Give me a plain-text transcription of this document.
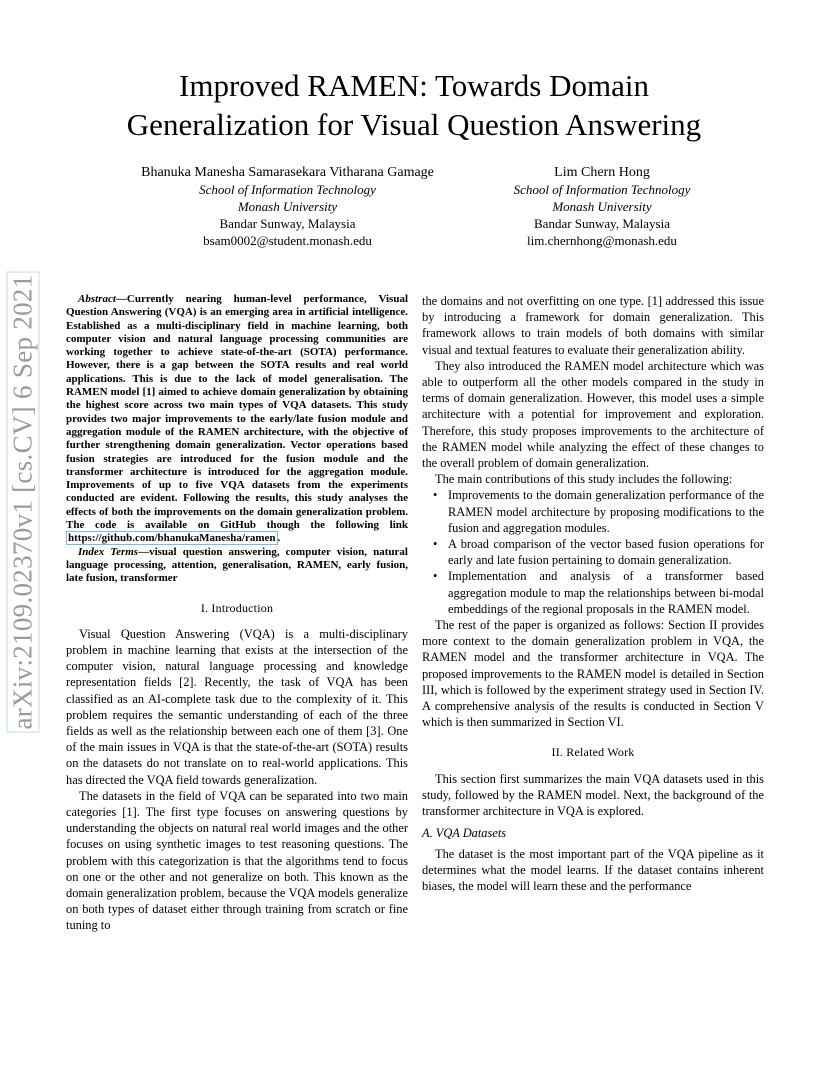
Improved RAMEN: Towards Domain
Generalization for Visual Question Answering
arXiv:2109.02370v1 [cs.CV] 6 Sep 2021
Bhanuka Manesha Samarasekara Vitharana Gamage
School of Information Technology
Monash University
Bandar Sunway, Malaysia
bsam0002@student.monash.edu
Lim Chern Hong
School of Information Technology
Monash University
Bandar Sunway, Malaysia
lim.chernhong@monash.edu

Abstract—Currently nearing human-level performance, Visual Question Answering (VQA) is an emerging area in artificial intelligence. Established as a multi-disciplinary field in machine learning, both computer vision and natural language processing communities are working together to achieve state-of-the-art (SOTA) performance. However, there is a gap between the SOTA results and real world applications. This is due to the lack of model generalisation. The RAMEN model [1] aimed to achieve domain generalization by obtaining the highest score across two main types of VQA datasets. This study provides two major improvements to the early/late fusion module and aggregation module of the RAMEN architecture, with the objective of further strengthening domain generalization. Vector operations based fusion strategies are introduced for the fusion module and the transformer architecture is introduced for the aggregation module. Improvements of up to five VQA datasets from the experiments conducted are evident. Following the results, this study analyses the effects of both the improvements on the domain generalization problem. The code is available on GitHub though the following link https://github.com/bhanukaManesha/ramen .

Index Terms—visual question answering, computer vision, natural language processing, attention, generalisation, RAMEN, early fusion, late fusion, transformer

I. Introduction

Visual Question Answering (VQA) is a multi-disciplinary problem in machine learning that exists at the intersection of the computer vision, natural language processing and knowledge representation fields [2]. Recently, the task of VQA has been classified as an AI-complete task due to the complexity of it. This problem requires the semantic understanding of each of the three fields as well as the relationship between each one of them [3]. One of the main issues in VQA is that the state-of-the-art (SOTA) results on the datasets do not translate on to real-world applications. This has directed the VQA field towards generalization.

The datasets in the field of VQA can be separated into two main categories [1]. The first type focuses on answering questions by understanding the objects on natural real world images and the other focuses on using synthetic images to test reasoning questions. The problem with this categorization is that the algorithms tend to focus on one or the other and not generalize on both. This known as the domain generalization problem, because the VQA models generalize on both types of dataset either through training from scratch or fine tuning to

the domains and not overfitting on one type. [1] addressed this issue by introducing a framework for domain generalization. This framework allows to train models of both domains with similar visual and textual features to evaluate their generalization ability.

They also introduced the RAMEN model architecture which was able to outperform all the other models compared in the study in terms of domain generalization. However, this model uses a simple architecture with a potential for improvement and exploration. Therefore, this study proposes improvements to the architecture of the RAMEN model while analyzing the effect of these changes to the overall problem of domain generalization.

The main contributions of this study includes the following:

• Improvements to the domain generalization performance of the RAMEN model architecture by proposing modifications to the fusion and aggregation modules.
• A broad comparison of the vector based fusion operations for early and late fusion pertaining to domain generalization.
• Implementation and analysis of a transformer based aggregation module to map the relationships between bi-modal embeddings of the regional proposals in the RAMEN model.

The rest of the paper is organized as follows: Section II provides more context to the domain generalization problem in VQA, the RAMEN model and the transformer architecture in VQA. The proposed improvements to the RAMEN model is detailed in Section III, which is followed by the experiment strategy used in Section IV. A comprehensive analysis of the results is conducted in Section V which is then summarized in Section VI.

II. Related Work

This section first summarizes the main VQA datasets used in this study, followed by the RAMEN model. Next, the background of the transformer architecture in VQA is explored.

A. VQA Datasets

The dataset is the most important part of the VQA pipeline as it determines what the model learns. If the dataset contains inherent biases, the model will learn these and the performance
